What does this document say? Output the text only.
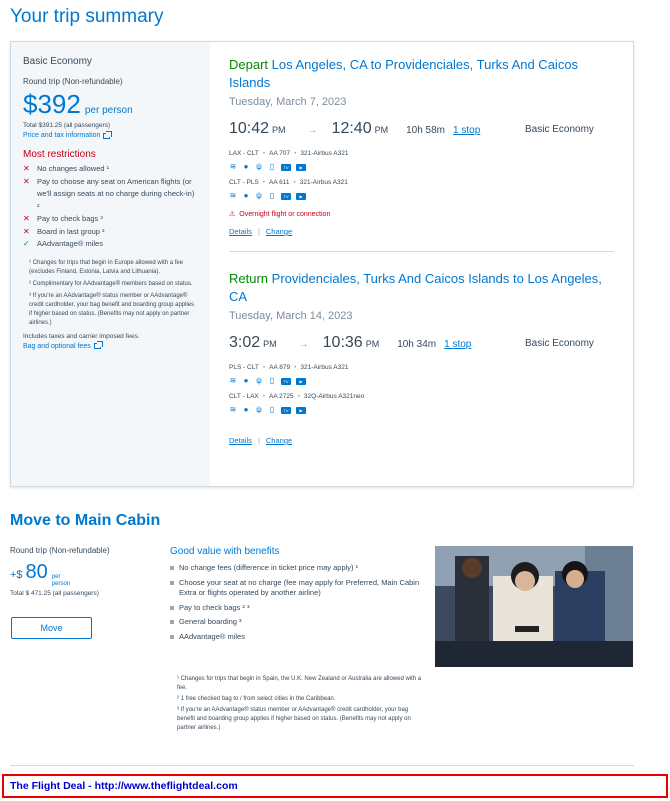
Your trip summary
Basic Economy
Round trip (Non-refundable)
$392 per person
Total $391.25 (all passengers)
Price and tax information
Most restrictions
✕ No changes allowed ¹
✕ Pay to choose any seat on American flights (or we'll assign seats at no charge during check-in) ²
✕ Pay to check bags ³
✕ Board in last group ³
✓ AAdvantage® miles

¹ Changes for trips that begin in Europe allowed with a fee (excludes Finland, Estonia, Latvia and Lithuania).

² Complimentary for AAdvantage® members based on status.

³ If you're an AAdvantage® status member or AAdvantage® credit cardholder, your bag benefit and boarding group applies if higher based on status. (Benefits may not apply on partner airlines.)

Includes taxes and carrier imposed fees.
Bag and optional fees
Depart Los Angeles, CA to Providenciales, Turks And Caicos Islands
Tuesday, March 7, 2023
10:42 PM → 12:40 PM 10h 58m 1 stop	Basic Economy
LAX - CLT • AA 707 • 321-Airbus A321
≋ ● ψ ▯	TV	▶
CLT - PLS • AA 611 • 321-Airbus A321
≋ ● ψ ▯	TV	▶
⚠ Overnight flight or connection
Details | Change
Return Providenciales, Turks And Caicos Islands to Los Angeles, CA
Tuesday, March 14, 2023
3:02 PM → 10:36 PM 10h 34m 1 stop	Basic Economy
PLS - CLT • AA 879 • 321-Airbus A321
≋ ● ψ ▯	TV	▶
CLT - LAX • AA 2725 • 32Q-Airbus A321neo
≋ ● ψ ▯	TV	▶
Details | Change
Move to Main Cabin
Round trip (Non-refundable)
+$ 80 per
person
Total $ 471.25 (all passengers)
Move
Good value with benefits
No change fees (difference in ticket price may apply) ¹
Choose your seat at no charge (fee may apply for Preferred, Main Cabin Extra or flights operated by another airline)
Pay to check bags ² ³
General boarding ³
AAdvantage® miles

¹ Changes for trips that begin in Spain, the U.K. New Zealand or Australia are allowed with a fee.

² 1 free checked bag to / from select cities in the Caribbean.

³ If you're an AAdvantage® status member or AAdvantage® credit cardholder, your bag benefit and boarding group applies if higher based on status. (Benefits may not apply on partner airlines.)

The Flight Deal - http://www.theflightdeal.com
